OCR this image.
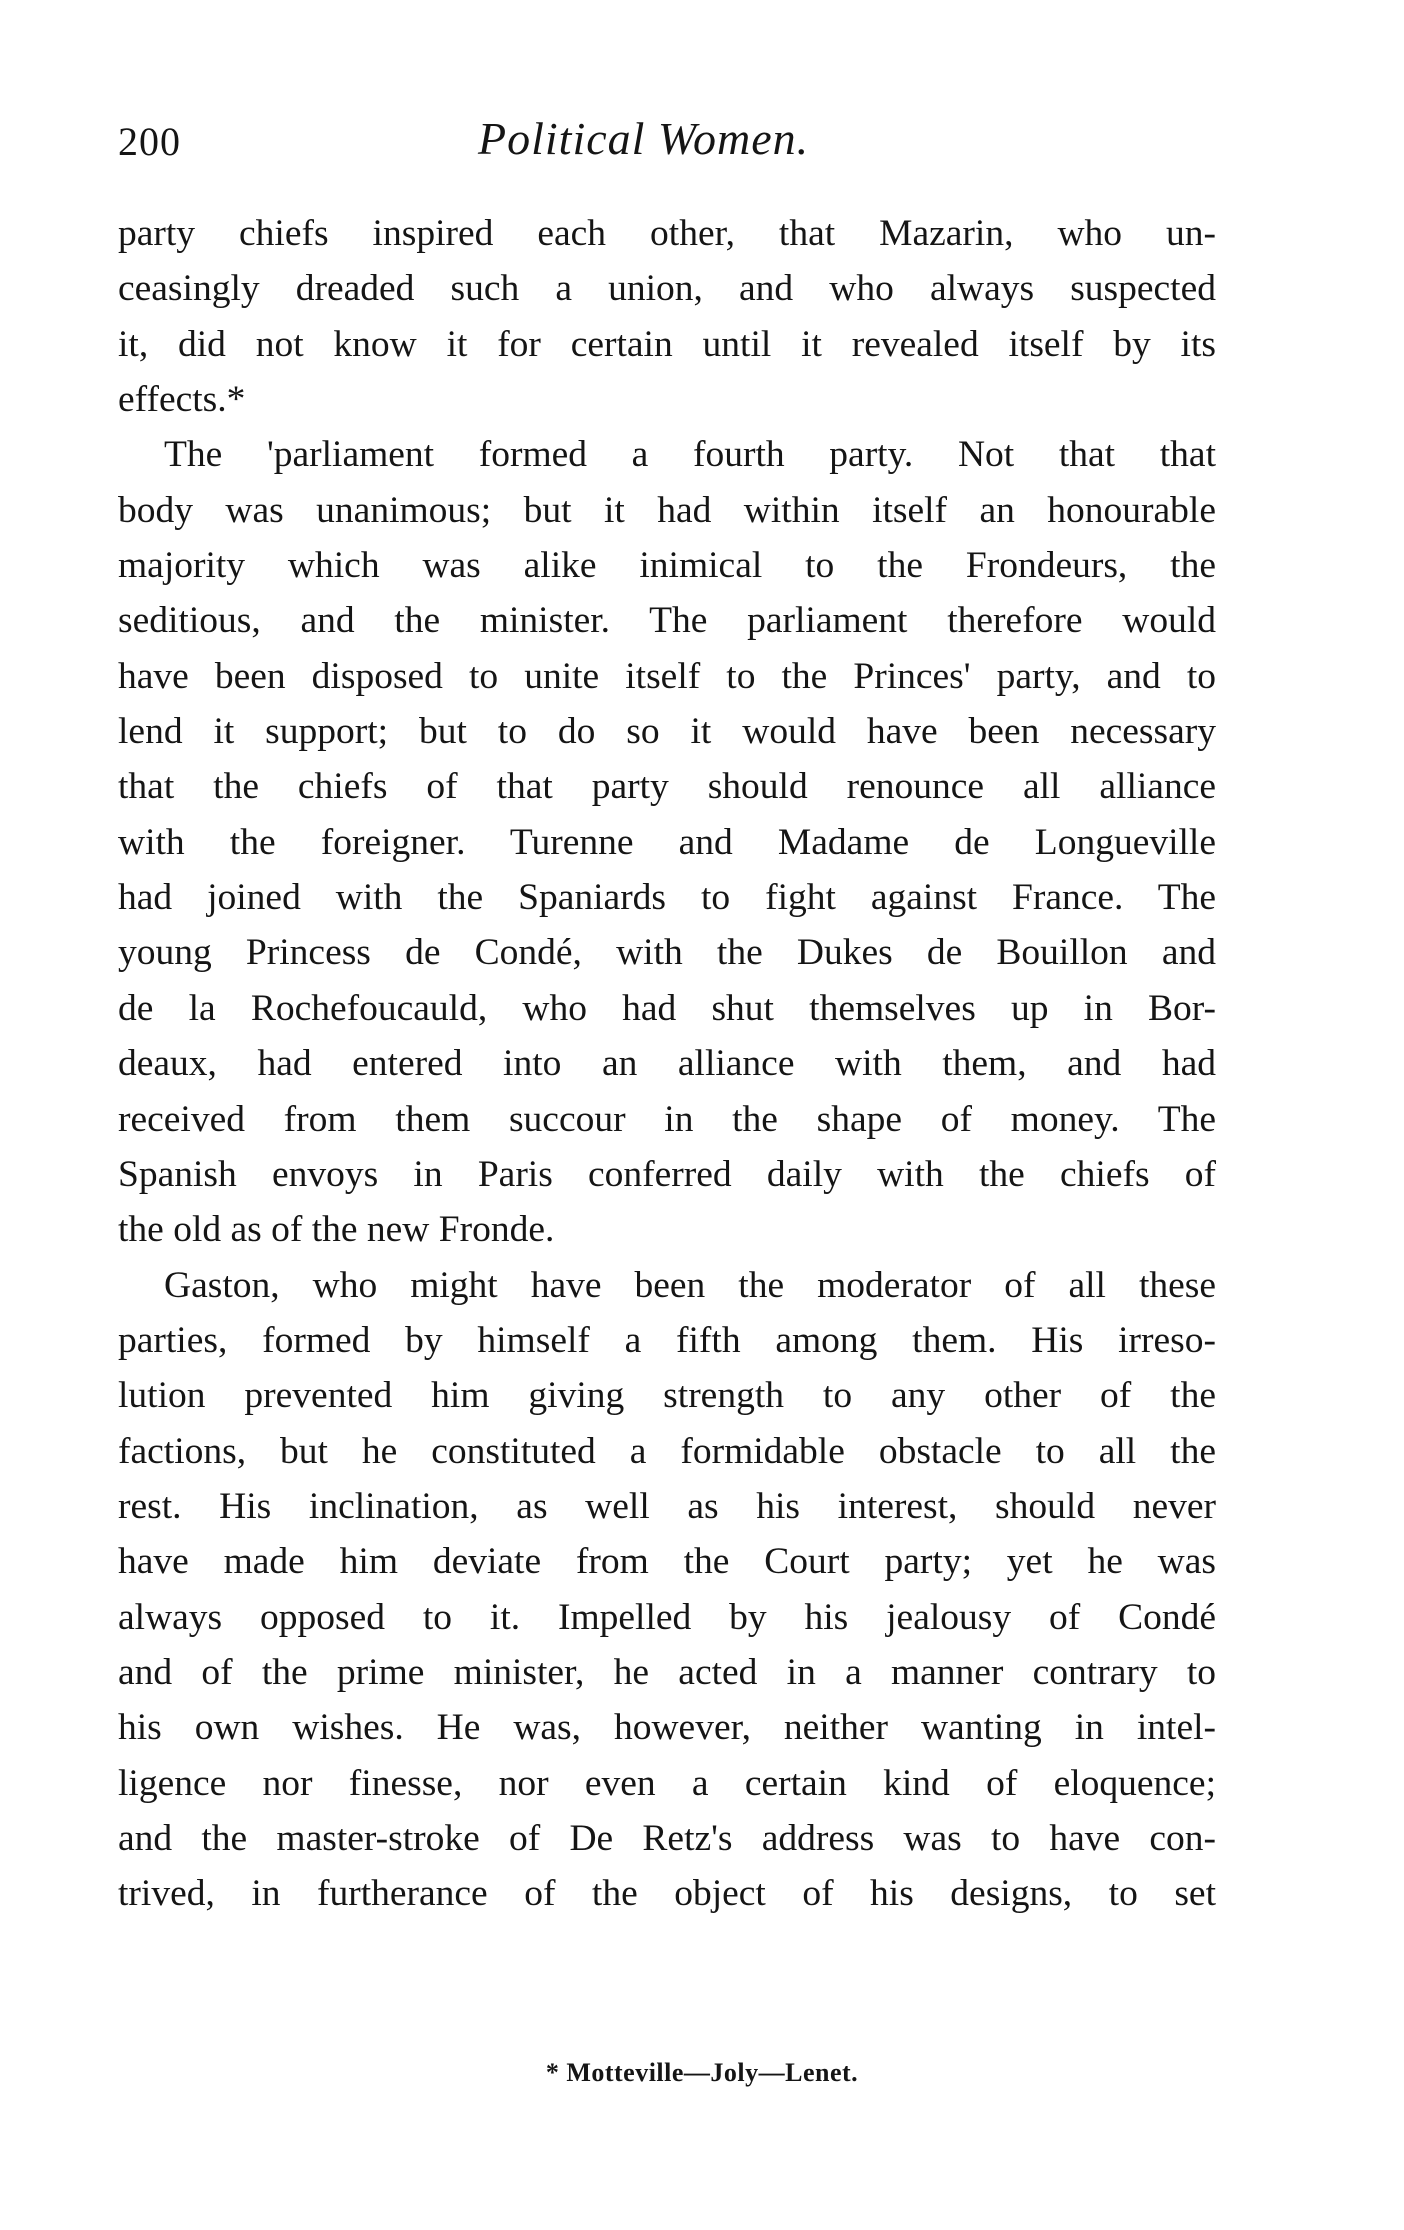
200	Political Women.
party chiefs inspired each other, that Mazarin, who un-
ceasingly dreaded such a union, and who always suspected
it, did not know it for certain until it revealed itself by its
effects.*
The 'parliament formed a fourth party. Not that that
body was unanimous; but it had within itself an honourable
majority which was alike inimical to the Frondeurs, the
seditious, and the minister. The parliament therefore would
have been disposed to unite itself to the Princes' party, and to
lend it support; but to do so it would have been necessary
that the chiefs of that party should renounce all alliance
with the foreigner. Turenne and Madame de Longueville
had joined with the Spaniards to fight against France. The
young Princess de Condé, with the Dukes de Bouillon and
de la Rochefoucauld, who had shut themselves up in Bor-
deaux, had entered into an alliance with them, and had
received from them succour in the shape of money. The
Spanish envoys in Paris conferred daily with the chiefs of
the old as of the new Fronde.
Gaston, who might have been the moderator of all these
parties, formed by himself a fifth among them. His irreso-
lution prevented him giving strength to any other of the
factions, but he constituted a formidable obstacle to all the
rest. His inclination, as well as his interest, should never
have made him deviate from the Court party; yet he was
always opposed to it. Impelled by his jealousy of Condé
and of the prime minister, he acted in a manner contrary to
his own wishes. He was, however, neither wanting in intel-
ligence nor finesse, nor even a certain kind of eloquence;
and the master-stroke of De Retz's address was to have con-
trived, in furtherance of the object of his designs, to set
* Motteville—Joly—Lenet.
